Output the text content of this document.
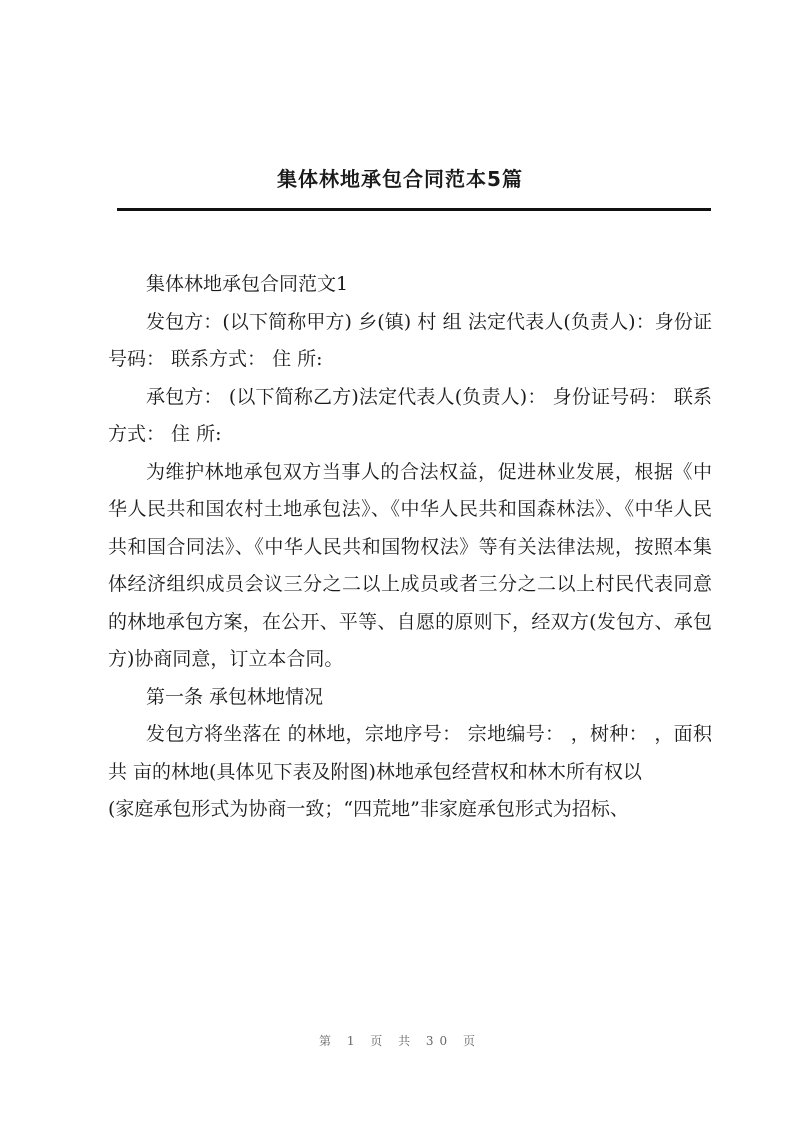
集体林地承包合同范本5篇

集体林地承包合同范文1

发包方：(以下简称甲方) 乡(镇) 村 组 法定代表人(负责人)：身份证号码： 联系方式： 住 所:

承包方： (以下简称乙方)法定代表人(负责人)： 身份证号码： 联系方式： 住 所:

为维护林地承包双方当事人的合法权益，促进林业发展，根据《中华人民共和国农村土地承包法》、《中华人民共和国森林法》、《中华人民共和国合同法》、《中华人民共和国物权法》等有关法律法规，按照本集体经济组织成员会议三分之二以上成员或者三分之二以上村民代表同意的林地承包方案，在公开、平等、自愿的原则下，经双方(发包方、承包方)协商同意，订立本合同。

第一条 承包林地情况

发包方将坐落在 的林地，宗地序号： 宗地编号： ，树种： ，面积共 亩的林地(具体见下表及附图)林地承包经营权和林木所有权以

(家庭承包形式为协商一致；“四荒地”非家庭承包形式为招标、

第 1 页 共 30 页
